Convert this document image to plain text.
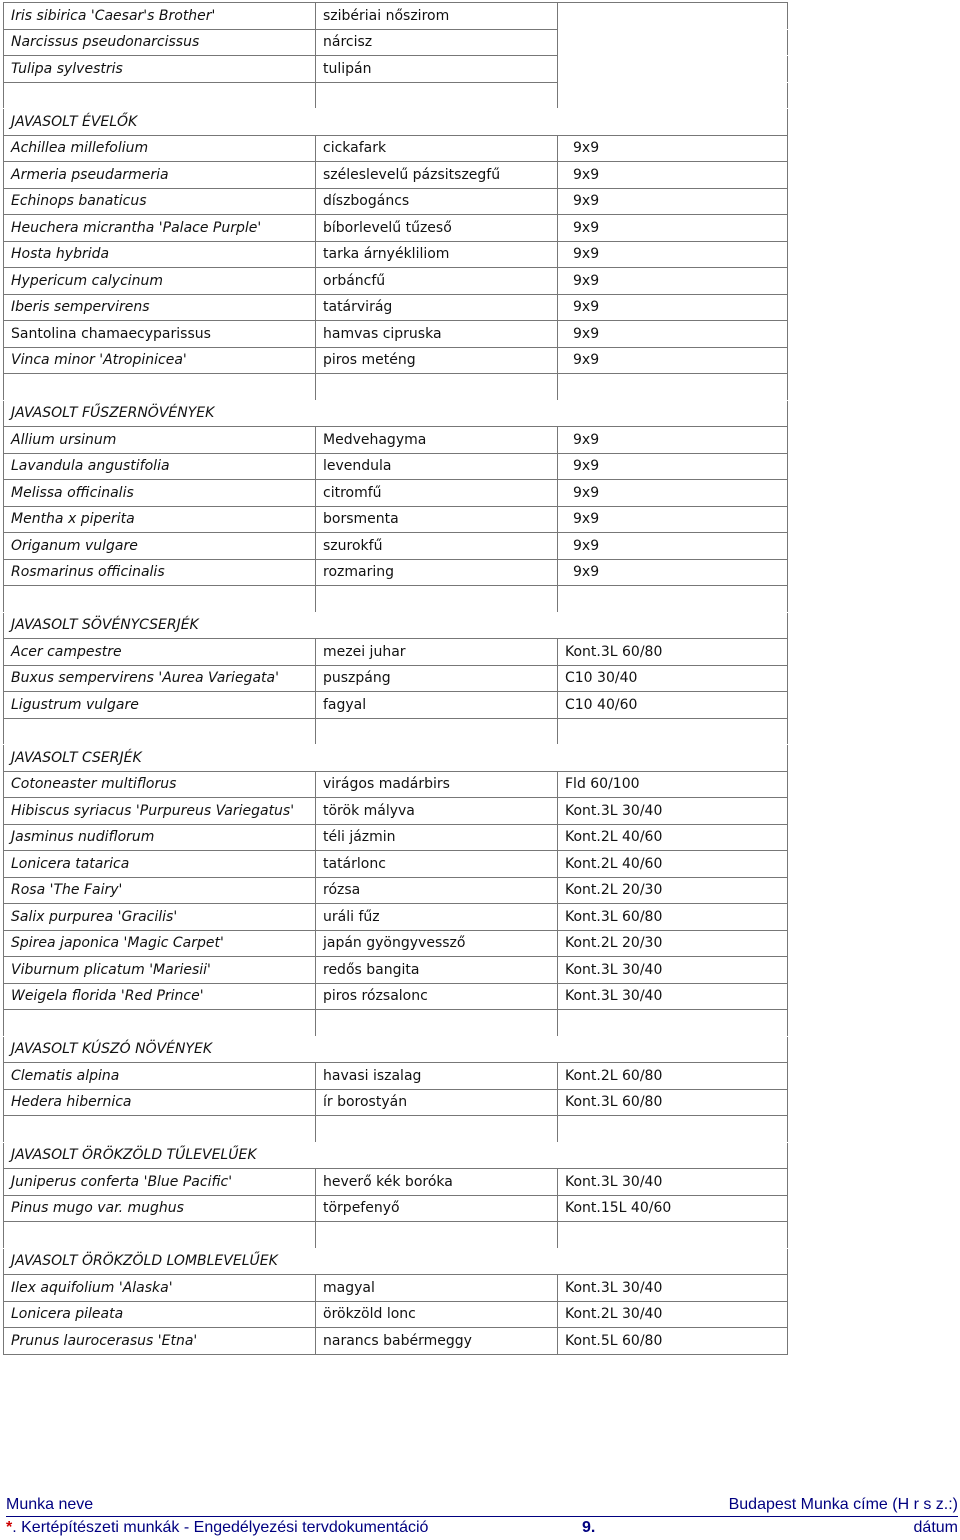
Iris sibirica 'Caesar's Brother'	szibériai nőszirom	
Narcissus pseudonarcissus	nárcisz	
Tulipa sylvestris	tulipán	

JAVASOLT ÉVELŐK		
Achillea millefolium	cickafark	9x9
Armeria pseudarmeria	széleslevelű pázsitszegfű	9x9
Echinops banaticus	díszbogáncs	9x9
Heuchera micrantha 'Palace Purple'	bíborlevelű tűzeső	9x9
Hosta hybrida	tarka árnyékliliom	9x9
Hypericum calycinum	orbáncfű	9x9
Iberis sempervirens	tatárvirág	9x9
Santolina chamaecyparissus	hamvas cipruska	9x9
Vinca minor 'Atropinicea'	piros meténg	9x9

JAVASOLT FŰSZERNÖVÉNYEK		
Allium ursinum	Medvehagyma	9x9
Lavandula angustifolia	levendula	9x9
Melissa officinalis	citromfű	9x9
Mentha x piperita	borsmenta	9x9
Origanum vulgare	szurokfű	9x9
Rosmarinus officinalis	rozmaring	9x9

JAVASOLT SÖVÉNYCSERJÉK		
Acer campestre	mezei juhar	Kont.3L 60/80
Buxus sempervirens 'Aurea Variegata'	puszpáng	C10 30/40
Ligustrum vulgare	fagyal	C10 40/60

JAVASOLT CSERJÉK		
Cotoneaster multiflorus	virágos madárbirs	Fld 60/100
Hibiscus syriacus 'Purpureus Variegatus'	török mályva	Kont.3L 30/40
Jasminus nudiflorum	téli jázmin	Kont.2L 40/60
Lonicera tatarica	tatárlonc	Kont.2L 40/60
Rosa 'The Fairy'	rózsa	Kont.2L 20/30
Salix purpurea 'Gracilis'	uráli fűz	Kont.3L 60/80
Spirea japonica 'Magic Carpet'	japán gyöngyvessző	Kont.2L 20/30
Viburnum plicatum 'Mariesii'	redős bangita	Kont.3L 30/40
Weigela florida 'Red Prince'	piros rózsalonc	Kont.3L 30/40

JAVASOLT KÚSZÓ NÖVÉNYEK		
Clematis alpina	havasi iszalag	Kont.2L 60/80
Hedera hibernica	ír borostyán	Kont.3L 60/80

JAVASOLT ÖRÖKZÖLD TŰLEVELŰEK		
Juniperus conferta 'Blue Pacific'	heverő kék boróka	Kont.3L 30/40
Pinus mugo var. mughus	törpefenyő	Kont.15L 40/60

JAVASOLT ÖRÖKZÖLD LOMBLEVELŰEK		
Ilex aquifolium 'Alaska'	magyal	Kont.3L 30/40
Lonicera pileata	örökzöld lonc	Kont.2L 30/40
Prunus laurocerasus 'Etna'	narancs babérmeggy	Kont.5L 60/80
Munka neve	Budapest Munka címe (H r s z.:)
*. Kertépítészeti munkák - Engedélyezési tervdokumentáció	9.	dátum
